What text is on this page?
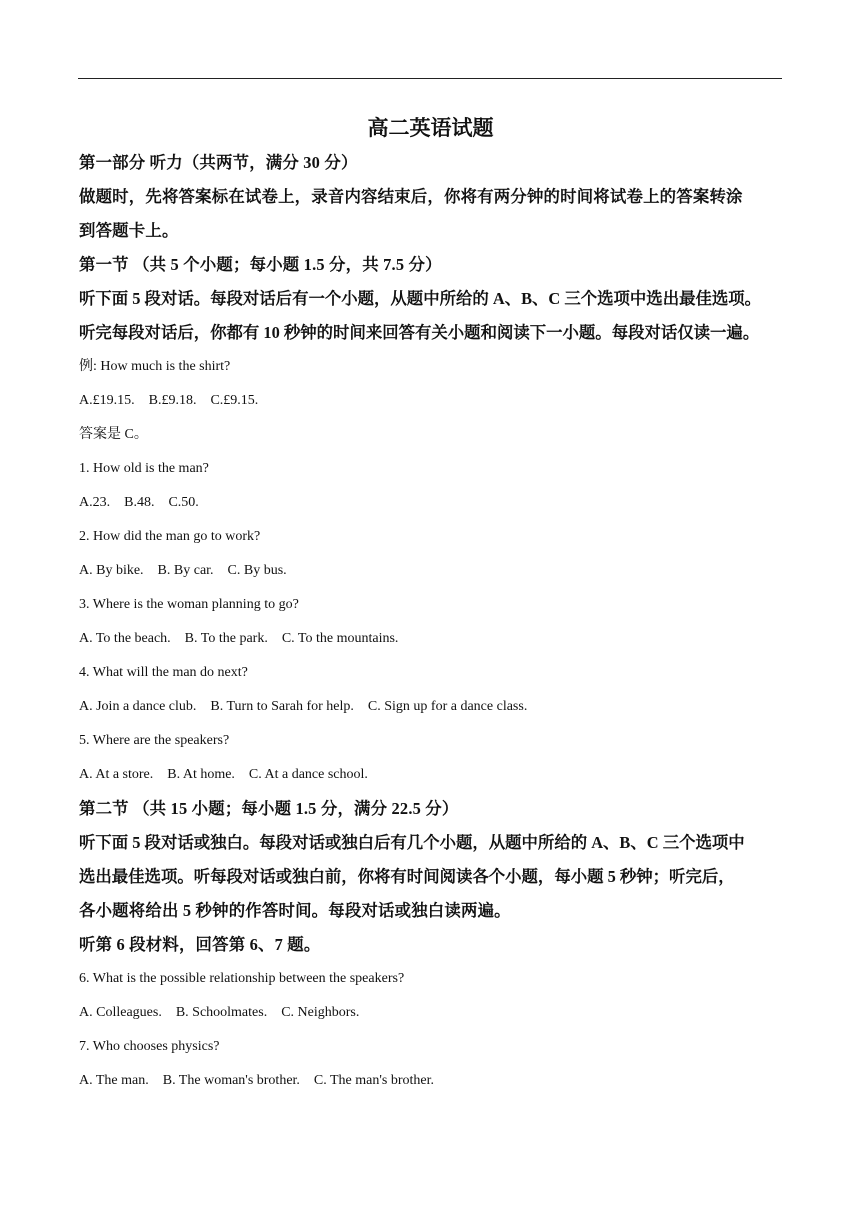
高二英语试题
第一部分 听力（共两节，满分 30 分）
做题时，先将答案标在试卷上，录音内容结束后，你将有两分钟的时间将试卷上的答案转涂
到答题卡上。
第一节 （共 5 个小题；每小题 1.5 分，共 7.5 分）
听下面 5 段对话。每段对话后有一个小题，从题中所给的 A、B、C 三个选项中选出最佳选项。
听完每段对话后，你都有 10 秒钟的时间来回答有关小题和阅读下一小题。每段对话仅读一遍。
例: How much is the shirt?
A.£19.15.    B.£9.18.    C.£9.15.
答案是 C。
1. How old is the man?
A.23.    B.48.    C.50.
2. How did the man go to work?
A. By bike.    B. By car.    C. By bus.
3. Where is the woman planning to go?
A. To the beach.    B. To the park.    C. To the mountains.
4. What will the man do next?
A. Join a dance club.    B. Turn to Sarah for help.    C. Sign up for a dance class.
5. Where are the speakers?
A. At a store.    B. At home.    C. At a dance school.
第二节 （共 15 小题；每小题 1.5 分，满分 22.5 分）
听下面 5 段对话或独白。每段对话或独白后有几个小题，从题中所给的 A、B、C 三个选项中
选出最佳选项。听每段对话或独白前，你将有时间阅读各个小题，每小题 5 秒钟；听完后，
各小题将给出 5 秒钟的作答时间。每段对话或独白读两遍。
听第 6 段材料，回答第 6、7 题。
6. What is the possible relationship between the speakers?
A. Colleagues.    B. Schoolmates.    C. Neighbors.
7. Who chooses physics?
A. The man.    B. The woman's brother.    C. The man's brother.
